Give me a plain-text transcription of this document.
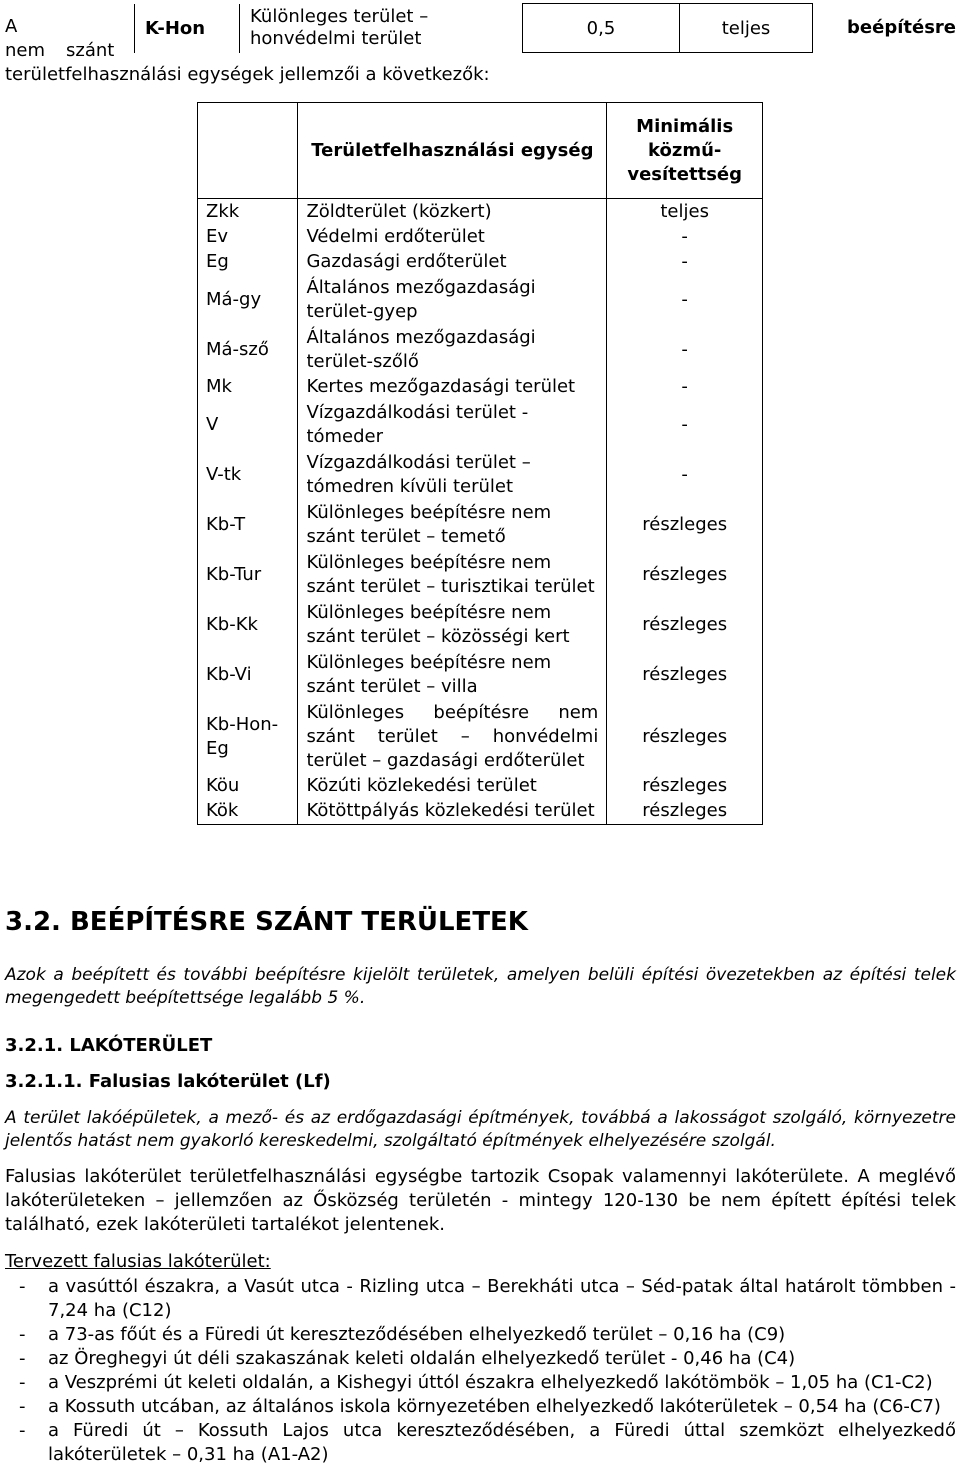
A
nem szánt
K-Hon	Különleges terület – honvédelmi terület	0,5	teljes	beépítésre
területfelhasználási egységek jellemzői a következők:
	Területfelhasználási egység	Minimális közmű-vesítettség
Zkk	Zöldterület (közkert)	teljes
Ev	Védelmi erdőterület	-
Eg	Gazdasági erdőterület	-
Má-gy	Általános mezőgazdasági terület-gyep	-
Má-sző	Általános mezőgazdasági terület-szőlő	-
Mk	Kertes mezőgazdasági terület	-
V	Vízgazdálkodási terület - tómeder	-
V-tk	Vízgazdálkodási terület – tómedren kívüli terület	-
Kb-T	Különleges beépítésre nem szánt terület – temető	részleges
Kb-Tur	Különleges beépítésre nem szánt terület – turisztikai terület	részleges
Kb-Kk	Különleges beépítésre nem szánt terület – közösségi kert	részleges
Kb-Vi	Különleges beépítésre nem szánt terület – villa	részleges
Kb-Hon-Eg	Különleges beépítésre nem szánt terület – honvédelmi terület – gazdasági erdőterület	részleges
Köu	Közúti közlekedési terület	részleges
Kök	Kötöttpályás közlekedési terület	részleges
3.2. BEÉPÍTÉSRE SZÁNT TERÜLETEK
Azok a beépített és további beépítésre kijelölt területek, amelyen belüli építési övezetekben az építési telek megengedett beépítettsége legalább 5 %.
3.2.1. LAKÓTERÜLET
3.2.1.1. Falusias lakóterület (Lf)
A terület lakóépületek, a mező- és az erdőgazdasági építmények, továbbá a lakosságot szolgáló, környezetre jelentős hatást nem gyakorló kereskedelmi, szolgáltató építmények elhelyezésére szolgál.
Falusias lakóterület területfelhasználási egységbe tartozik Csopak valamennyi lakóterülete. A meglévő lakóterületeken – jellemzően az Ősközség területén - mintegy 120-130 be nem épített építési telek található, ezek lakóterületi tartalékot jelentenek.
Tervezett falusias lakóterület:
- a vasúttól északra, a Vasút utca - Rizling utca – Berekháti utca – Séd-patak által határolt tömbben - 7,24 ha (C12)
- a 73-as főút és a Füredi út kereszteződésében elhelyezkedő terület – 0,16 ha (C9)
- az Öreghegyi út déli szakaszának keleti oldalán elhelyezkedő terület - 0,46 ha (C4)
- a Veszprémi út keleti oldalán, a Kishegyi úttól északra elhelyezkedő lakótömbök – 1,05 ha (C1-C2)
- a Kossuth utcában, az általános iskola környezetében elhelyezkedő lakóterületek – 0,54 ha (C6-C7)
- a Füredi út – Kossuth Lajos utca kereszteződésében, a Füredi úttal szemközt elhelyezkedő lakóterületek – 0,31 ha (A1-A2)
